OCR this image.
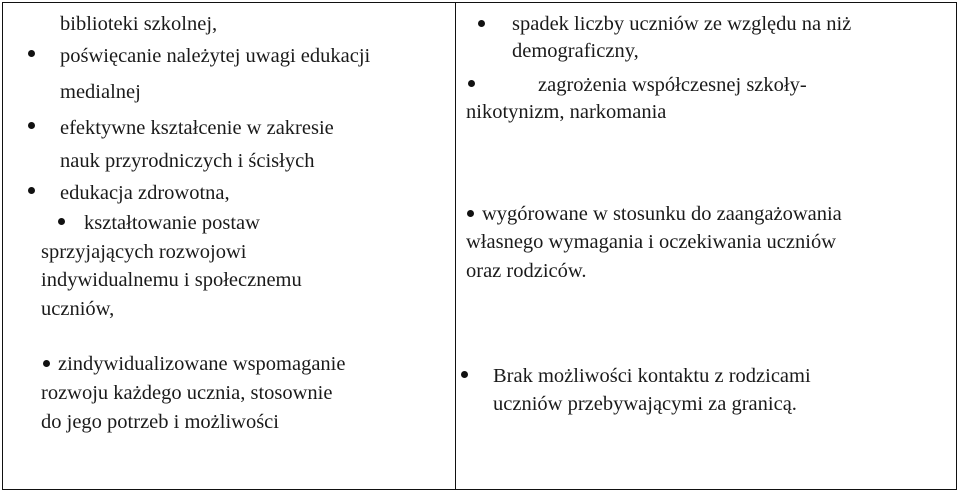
biblioteki szkolnej,
poświęcanie należytej uwagi edukacji
medialnej
efektywne kształcenie w zakresie
nauk przyrodniczych i ścisłych
edukacja zdrowotna,
kształtowanie postaw
sprzyjających rozwojowi
indywidualnemu i społecznemu
uczniów,
zindywidualizowane wspomaganie
rozwoju każdego ucznia, stosownie
do jego potrzeb i możliwości
spadek liczby uczniów ze względu na niż
demograficzny,
zagrożenia współczesnej szkoły-
nikotynizm, narkomania
wygórowane w stosunku do zaangażowania
własnego wymagania i oczekiwania uczniów
oraz rodziców.
Brak możliwości kontaktu z rodzicami
uczniów przebywającymi za granicą.
